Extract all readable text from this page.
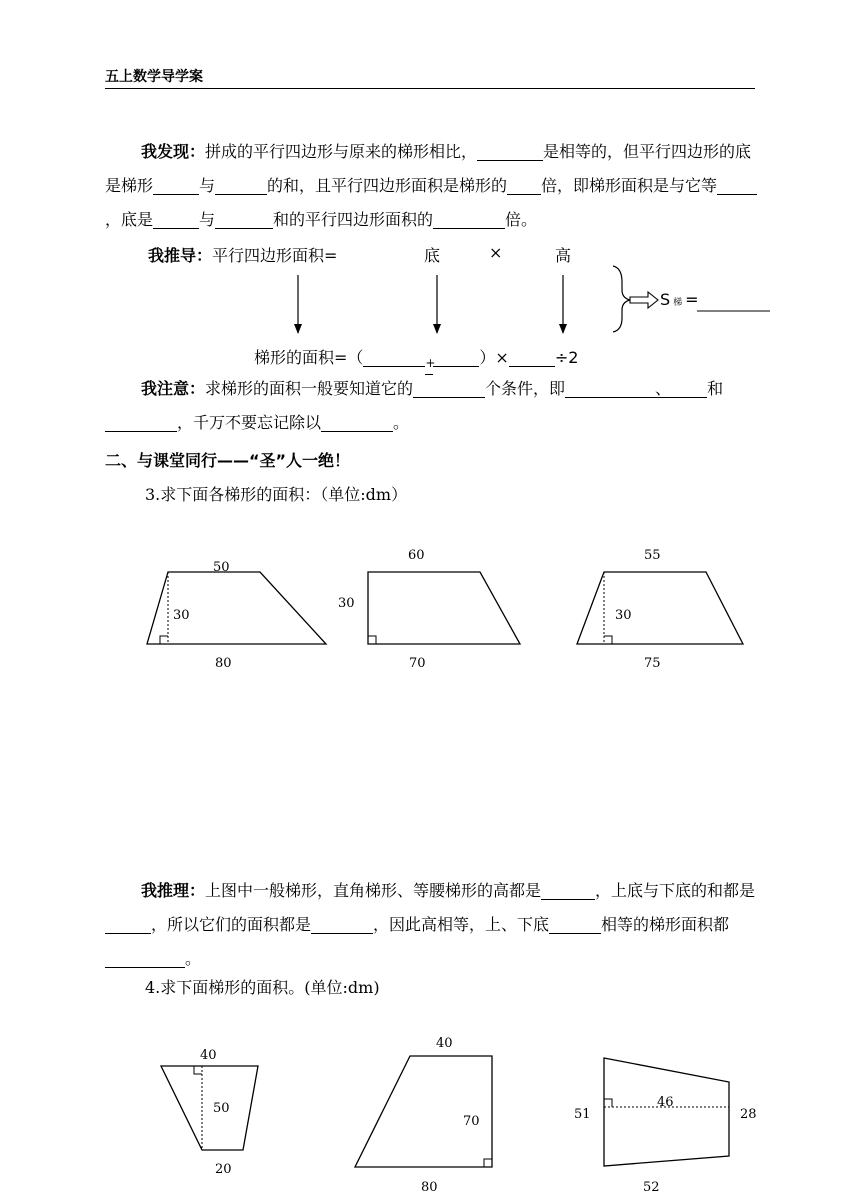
五上数学导学案

我发现：拼成的平行四边形与原来的梯形相比，	是相等的，但平行四边形的底是梯形	与	的和，且平行四边形面积是梯形的 倍，即梯形面积是与它等，底是	与	和的平行四边形面积的	倍。

我推导：平行四边形面积=	底	×	高
S梯 =
梯形的面积=（	+	）×	÷2

我注意：求梯形的面积一般要知道它的	个条件，即	、 和，千万不要忘记除以	。

二、与课堂同行——“圣”人一绝！
3.求下面各梯形的面积：（单位:dm）
50
30
80
60
30
70
55
30
75

我推理：上图中一般梯形，直角梯形、等腰梯形的高都是	，上底与下底的和都是，所以它们的面积都是	，因此高相等，上、下底	相等的梯形面积都。

4.求下面梯形的面积。(单位:dm)
40
50
20
40
70
80
51
46
28
52
